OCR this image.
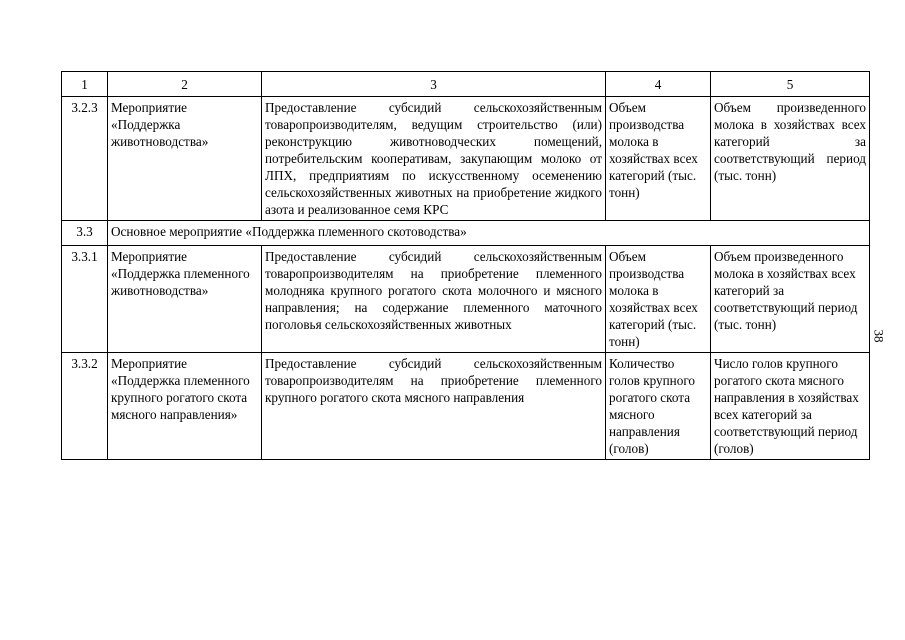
1	2	3	4	5
3.2.3	Мероприятие «Поддержка животноводства»	Предоставление субсидий сельскохозяйственным товаропроизводителям, ведущим строительство (или) реконструкцию животноводческих помещений, потребительским кооперативам, закупающим молоко от ЛПХ, предприятиям по искусственному осеменению сельскохозяйственных животных на приобретение жидкого азота и реализованное семя КРС	Объем производства молока в хозяйствах всех категорий (тыс. тонн)	Объем произведенного молока в хозяйствах всех категорий за соответствующий период (тыс. тонн)
3.3	Основное мероприятие «Поддержка племенного скотоводства»			
3.3.1	Мероприятие «Поддержка племенного животноводства»	Предоставление субсидий сельскохозяйственным товаропроизводителям на приобретение племенного молодняка крупного рогатого скота молочного и мясного направления; на содержание племенного маточного поголовья сельскохозяйственных животных	Объем производства молока в хозяйствах всех категорий (тыс. тонн)	Объем произведенного молока в хозяйствах всех категорий за соответствующий период (тыс. тонн)
3.3.2	Мероприятие «Поддержка племенного крупного рогатого скота мясного направления»	Предоставление субсидий сельскохозяйственным товаропроизводителям на приобретение племенного крупного рогатого скота мясного направления	Количество голов крупного рогатого скота мясного направления (голов)	Число голов крупного рогатого скота мясного направления в хозяйствах всех категорий за соответствующий период (голов)
38
